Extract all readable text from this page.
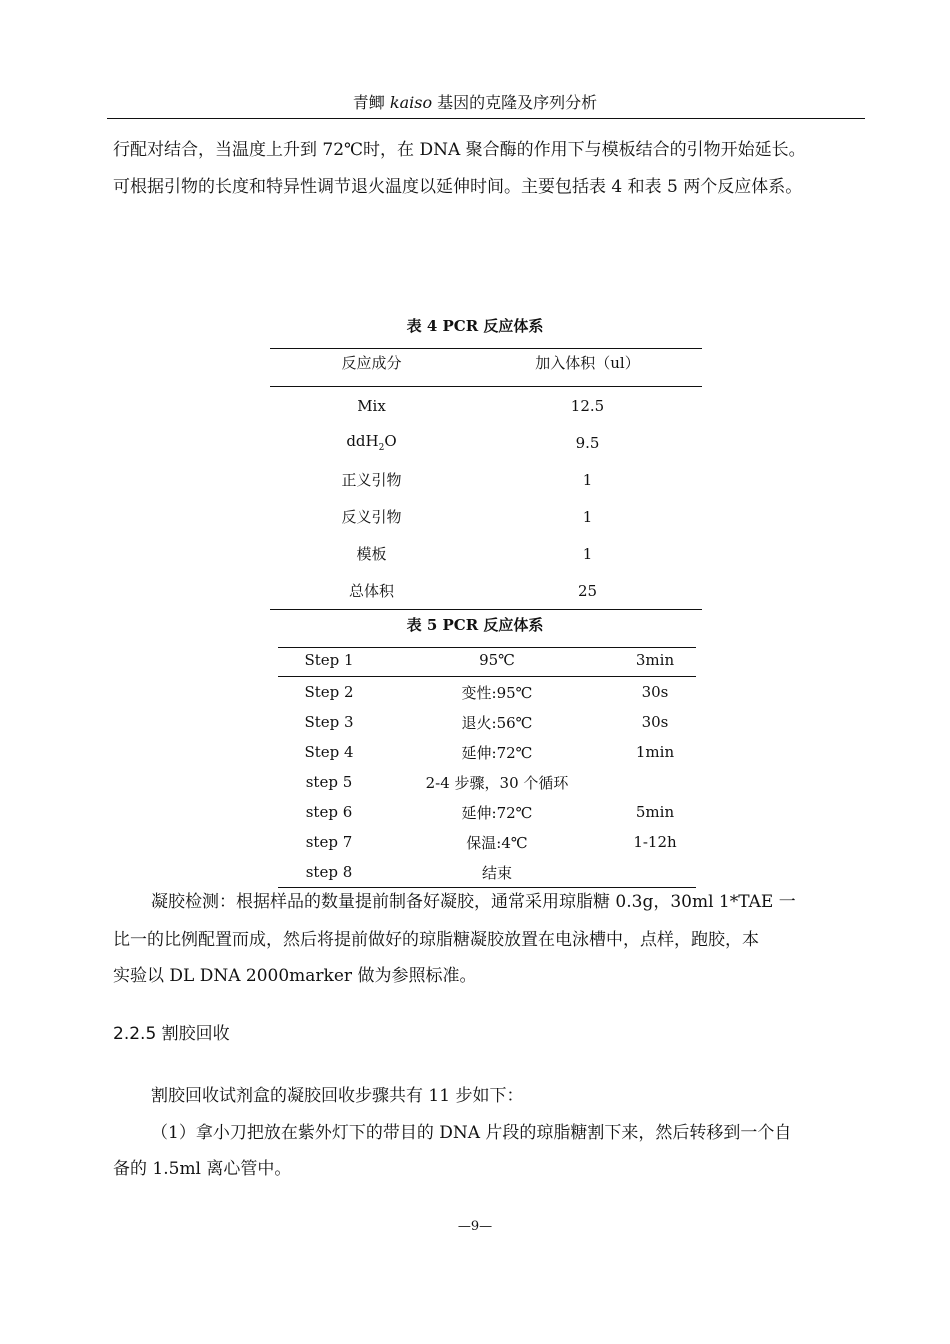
青鲫 kaiso 基因的克隆及序列分析
行配对结合，当温度上升到 72℃时，在 DNA 聚合酶的作用下与模板结合的引物开始延长。
可根据引物的长度和特异性调节退火温度以延伸时间。主要包括表 4 和表 5 两个反应体系。
表 4 PCR 反应体系
反应成分	加入体积（ul）
Mix	12.5
ddH$_2$O	9.5
正义引物	1
反义引物	1
模板	1
总体积	25
表 5 PCR 反应体系
Step 1	95℃	3min
Step 2	变性:95℃	30s
Step 3	退火:56℃	30s
Step 4	延伸:72℃	1min
step 5	2-4 步骤，30 个循环
step 6	延伸:72℃	5min
step 7	保温:4℃	1-12h
step 8	结束
凝胶检测：根据样品的数量提前制备好凝胶，通常采用琼脂糖 0.3g，30ml 1*TAE 一
比一的比例配置而成，然后将提前做好的琼脂糖凝胶放置在电泳槽中，点样，跑胶，本
实验以 DL DNA 2000marker 做为参照标准。
2.2.5 割胶回收
割胶回收试剂盒的凝胶回收步骤共有 11 步如下：
（1）拿小刀把放在紫外灯下的带目的 DNA 片段的琼脂糖割下来，然后转移到一个自
备的 1.5ml 离心管中。
—9—
